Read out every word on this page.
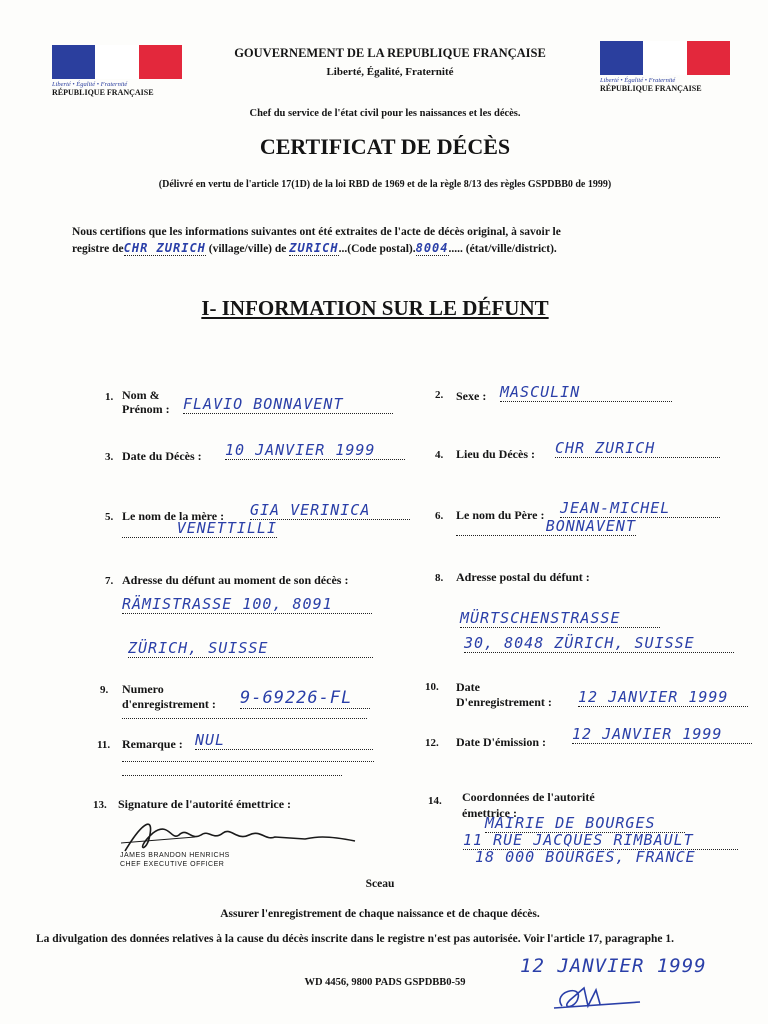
Liberté • Égalité • Fraternité
RÉPUBLIQUE FRANÇAISE
Liberté • Égalité • Fraternité
RÉPUBLIQUE FRANÇAISE
GOUVERNEMENT DE LA REPUBLIQUE FRANÇAISE
Liberté, Égalité, Fraternité
Chef du service de l'état civil pour les naissances et les décès.
CERTIFICAT DE DÉCÈS
(Délivré en vertu de l'article 17(1D) de la loi RBD de 1969 et de la règle 8/13 des règles GSPDBB0 de 1999)
Nous certifions que les informations suivantes ont été extraites de l'acte de décès original, à savoir le
registre deCHR ZURICH (village/ville) de ZURICH...(Code postal).8004..... (état/ville/district).
I- INFORMATION SUR LE DÉFUNT
1. Nom &
Prénom : FLAVIO BONNAVENT	2. Sexe : MASCULIN
3. Date du Décès : 10 JANVIER 1999	4. Lieu du Décès : CHR ZURICH
5. Le nom de la mère : GIA VERINICA
VENETTILLI
6. Le nom du Père : JEAN-MICHEL
BONNAVENT
7. Adresse du défunt au moment de son décès :
RÄMISTRASSE 100, 8091
ZÜRICH, SUISSE
8. Adresse postal du défunt :
MÜRTSCHENSTRASSE
30, 8048 ZÜRICH, SUISSE
9. Numero
d'enregistrement : 9-69226-FL
10. Date
D'enregistrement : 12 JANVIER 1999
11. Remarque : NUL	12. Date D'émission : 12 JANVIER 1999
13. Signature de l'autorité émettrice :
JAMES BRANDON HENRICHS
CHEF EXECUTIVE OFFICER
14. Coordonnées de l'autorité
émettrice :
MAIRIE DE BOURGES
11 RUE JACQUES RIMBAULT
18 000 BOURGES, FRANCE
Sceau
Assurer l'enregistrement de chaque naissance et de chaque décès.
La divulgation des données relatives à la cause du décès inscrite dans le registre n'est pas autorisée. Voir l'article 17, paragraphe 1.
12 JANVIER 1999
WD 4456, 9800 PADS GSPDBB0-59
